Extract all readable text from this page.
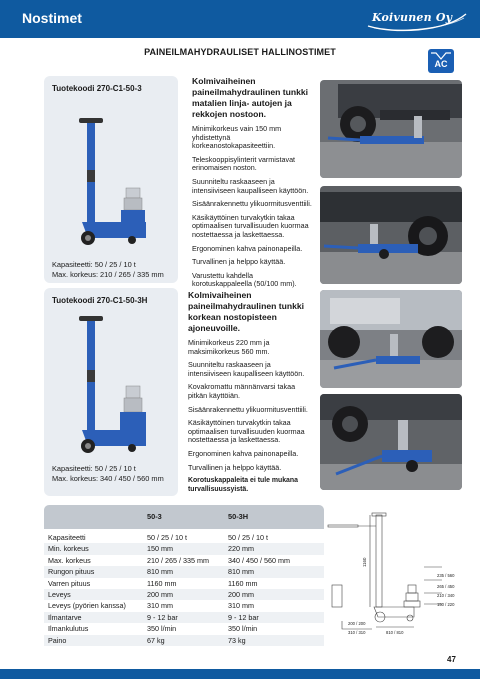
Nostimet	Koivunen Oy
PAINEILMAHYDRAULISET HALLINOSTIMET
AC
Tuotekoodi 270-C1-50-3
Kapasiteetti: 50 / 25 / 10 t
Max. korkeus: 210 / 265 / 335 mm
Kolmivaiheinen paineilmahydraulinen tunkki matalien linja- autojen ja rekkojen nostoon.

Minimikorkeus vain 150 mm yhdistettynä korkeanostokapasiteettiin.

Teleskooppisylinterit varmistavat erinomaisen noston.

Suunniteltu raskaaseen ja intensiiviseen kaupalliseen käyttöön.

Sisäänrakennettu ylikuormitusventtiili.

Käsikäyttöinen turvakytkin takaa optimaalisen turvallisuuden kuormaa nostettaessa ja laskettaessa.

Ergonominen kahva painonapeilla.

Turvallinen ja helppo käyttää.

Varustettu kahdella korotuskappaleella (50/100 mm).

Tuotekoodi 270-C1-50-3H
Kapasiteetti: 50 / 25 / 10 t
Max. korkeus: 340 / 450 / 560 mm
Kolmivaiheinen paineilmahydraulinen tunkki korkean nostopisteen ajoneuvoille.

Minimikorkeus 220 mm ja maksimikorkeus 560 mm.

Suunniteltu raskaaseen ja intensiiviseen kaupalliseen käyttöön.

Kovakromattu männänvarsi takaa pitkän käyttöiän.

Sisäänrakennettu ylikuormitusventtiili.

Käsikäyttöinen turvakytkin takaa optimaalisen turvallisuuden kuormaa nostettaessa ja laskettaessa.

Ergonominen kahva painonapeilla.

Turvallinen ja helppo käyttää.

Korotuskappaleita ei tule mukana turvallisuussyistä.

50-3	50-3H
Kapasiteetti	50 / 25 / 10 t	50 / 25 / 10 t
Min. korkeus	150 mm	220 mm
Max. korkeus	210 / 265 / 335 mm	340 / 450 / 560 mm
Rungon pituus	810 mm	810 mm
Varren pituus	1160 mm	1160 mm
Leveys	200 mm	200 mm
Leveys (pyörien kanssa)	310 mm	310 mm
Ilmantarve	9 - 12 bar	9 - 12 bar
Ilmankulutus	350 l/min	350 l/min
Paino	67 kg	73 kg
1160
235 / 560
265 / 450
210 / 340
150 / 220
200 / 200
310 / 310	810 / 810
47
